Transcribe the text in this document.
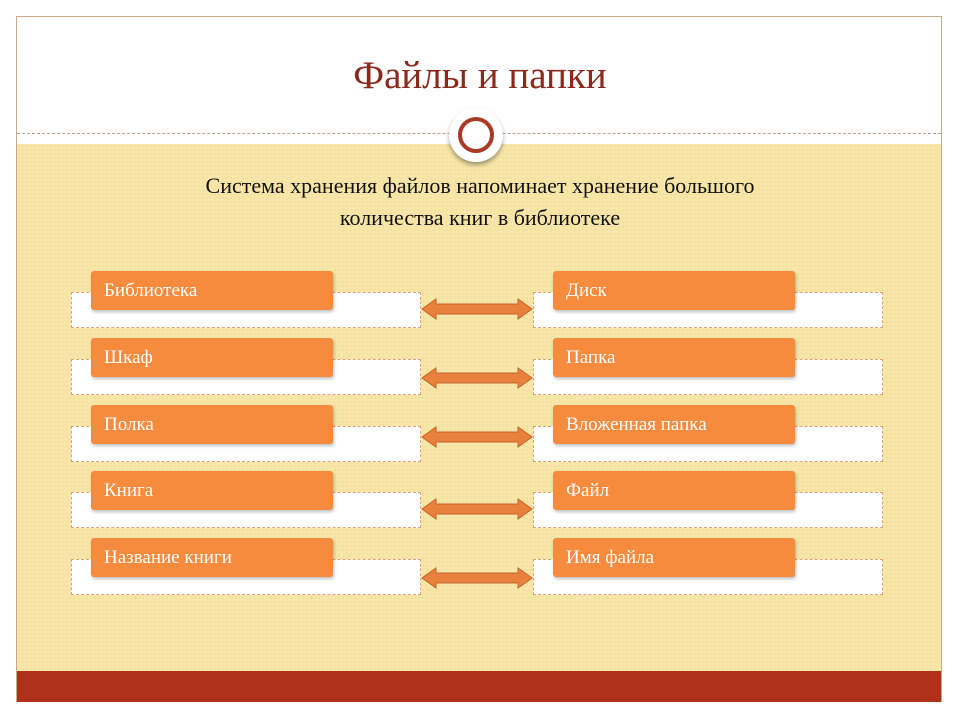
Файлы и папки
Система хранения файлов напоминает хранение большого
количества книг в библиотеке
Библиотека	Диск
Шкаф	Папка
Полка	Вложенная папка
Книга	Файл
Название книги	Имя файла
